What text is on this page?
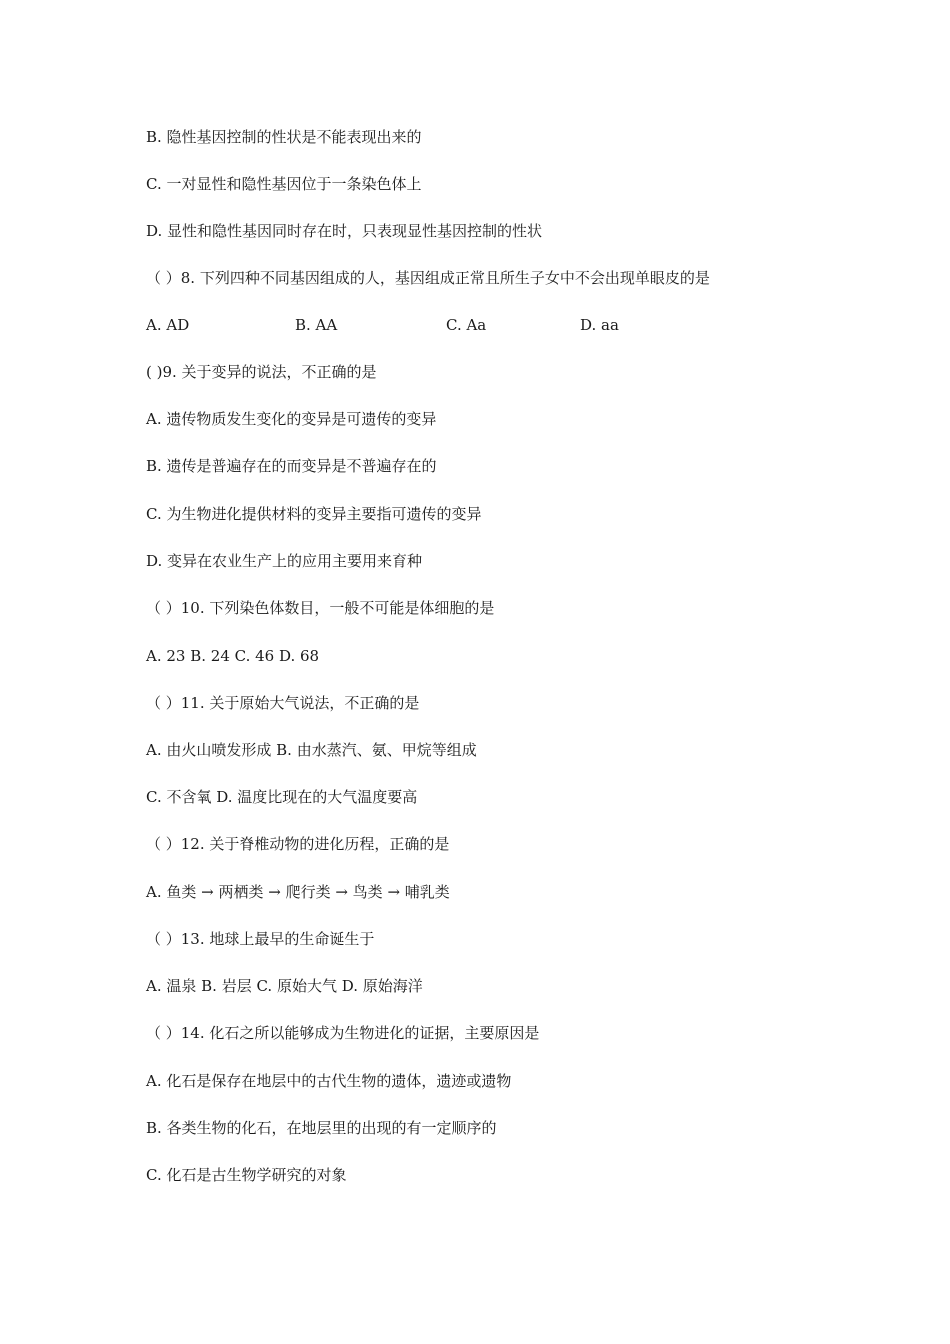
B. 隐性基因控制的性状是不能表现出来的
C. 一对显性和隐性基因位于一条染色体上
D. 显性和隐性基因同时存在时，只表现显性基因控制的性状
（ ）8. 下列四种不同基因组成的人，基因组成正常且所生子女中不会出现单眼皮的是
A. AD	B. AA	C. Aa	D. aa
( )9. 关于变异的说法，不正确的是
A. 遗传物质发生变化的变异是可遗传的变异
B. 遗传是普遍存在的而变异是不普遍存在的
C. 为生物进化提供材料的变异主要指可遗传的变异
D. 变异在农业生产上的应用主要用来育种
（ ）10. 下列染色体数目，一般不可能是体细胞的是
A. 23 B. 24 C. 46 D. 68
（ ）11. 关于原始大气说法，不正确的是
A. 由火山喷发形成 B. 由水蒸汽、氨、甲烷等组成
C. 不含氧 D. 温度比现在的大气温度要高
（ ）12. 关于脊椎动物的进化历程，正确的是
A. 鱼类 → 两栖类 → 爬行类 → 鸟类 → 哺乳类
（ ）13. 地球上最早的生命诞生于
A. 温泉 B. 岩层 C. 原始大气 D. 原始海洋
（ ）14. 化石之所以能够成为生物进化的证据，主要原因是
A. 化石是保存在地层中的古代生物的遗体，遗迹或遗物
B. 各类生物的化石，在地层里的出现的有一定顺序的
C. 化石是古生物学研究的对象
